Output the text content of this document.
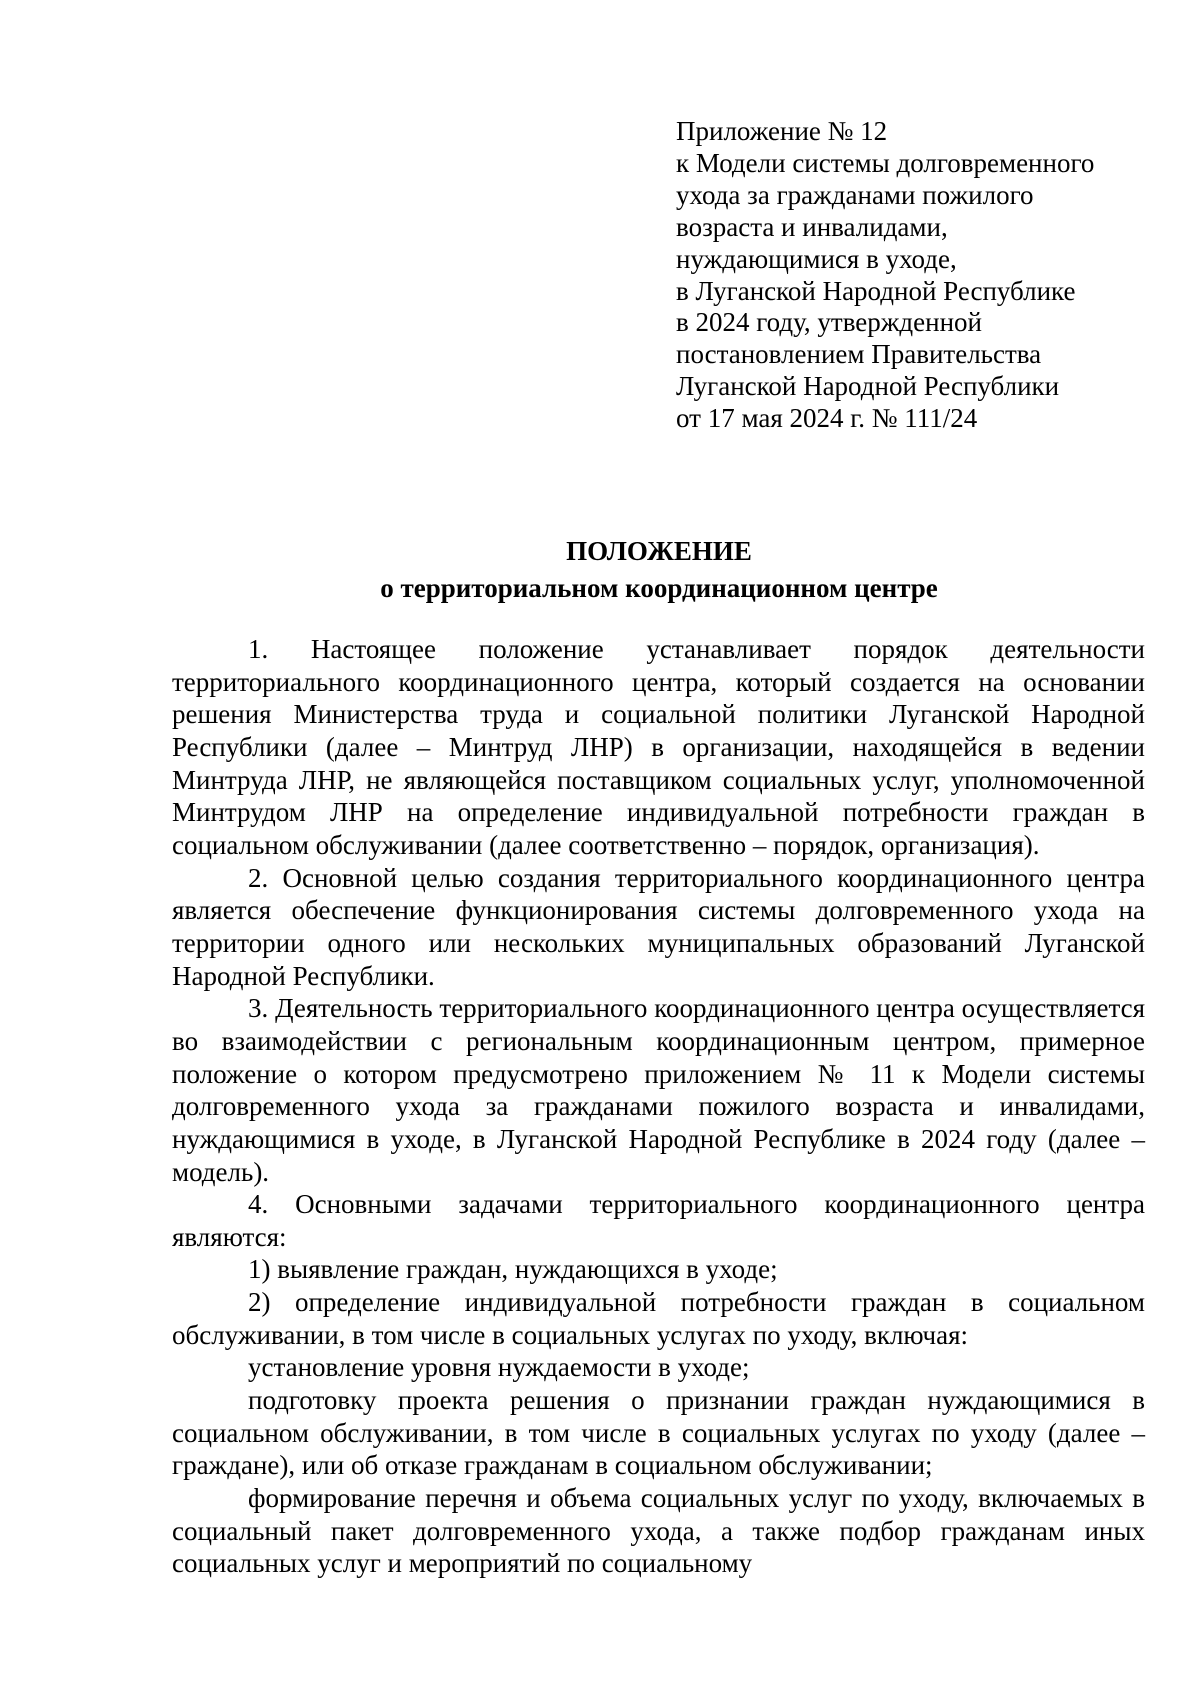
Приложение № 12
к Модели системы долговременного
ухода за гражданами пожилого
возраста и инвалидами,
нуждающимися в уходе,
в Луганской Народной Республике
в 2024 году, утвержденной
постановлением Правительства
Луганской Народной Республики
от 17 мая 2024 г. № 111/24
ПОЛОЖЕНИЕ
о территориальном координационном центре

1. Настоящее положение устанавливает порядок деятельности территориального координационного центра, который создается на основании решения Министерства труда и социальной политики Луганской Народной Республики (далее – Минтруд ЛНР) в организации, находящейся в ведении Минтруда ЛНР, не являющейся поставщиком социальных услуг, уполномоченной Минтрудом ЛНР на определение индивидуальной потребности граждан в социальном обслуживании (далее соответственно – порядок, организация).

2. Основной целью создания территориального координационного центра является обеспечение функционирования системы долговременного ухода на территории одного или нескольких муниципальных образований Луганской Народной Республики.

3. Деятельность территориального координационного центра осуществляется во взаимодействии с региональным координационным центром, примерное положение о котором предусмотрено приложением № 11 к Модели системы долговременного ухода за гражданами пожилого возраста и инвалидами, нуждающимися в уходе, в Луганской Народной Республике в 2024 году (далее – модель).

4. Основными задачами территориального координационного центра являются:

1) выявление граждан, нуждающихся в уходе;

2) определение индивидуальной потребности граждан в социальном обслуживании, в том числе в социальных услугах по уходу, включая:

установление уровня нуждаемости в уходе;

подготовку проекта решения о признании граждан нуждающимися в социальном обслуживании, в том числе в социальных услугах по уходу (далее – граждане), или об отказе гражданам в социальном обслуживании;

формирование перечня и объема социальных услуг по уходу, включаемых в социальный пакет долговременного ухода, а также подбор гражданам иных социальных услуг и мероприятий по социальному
